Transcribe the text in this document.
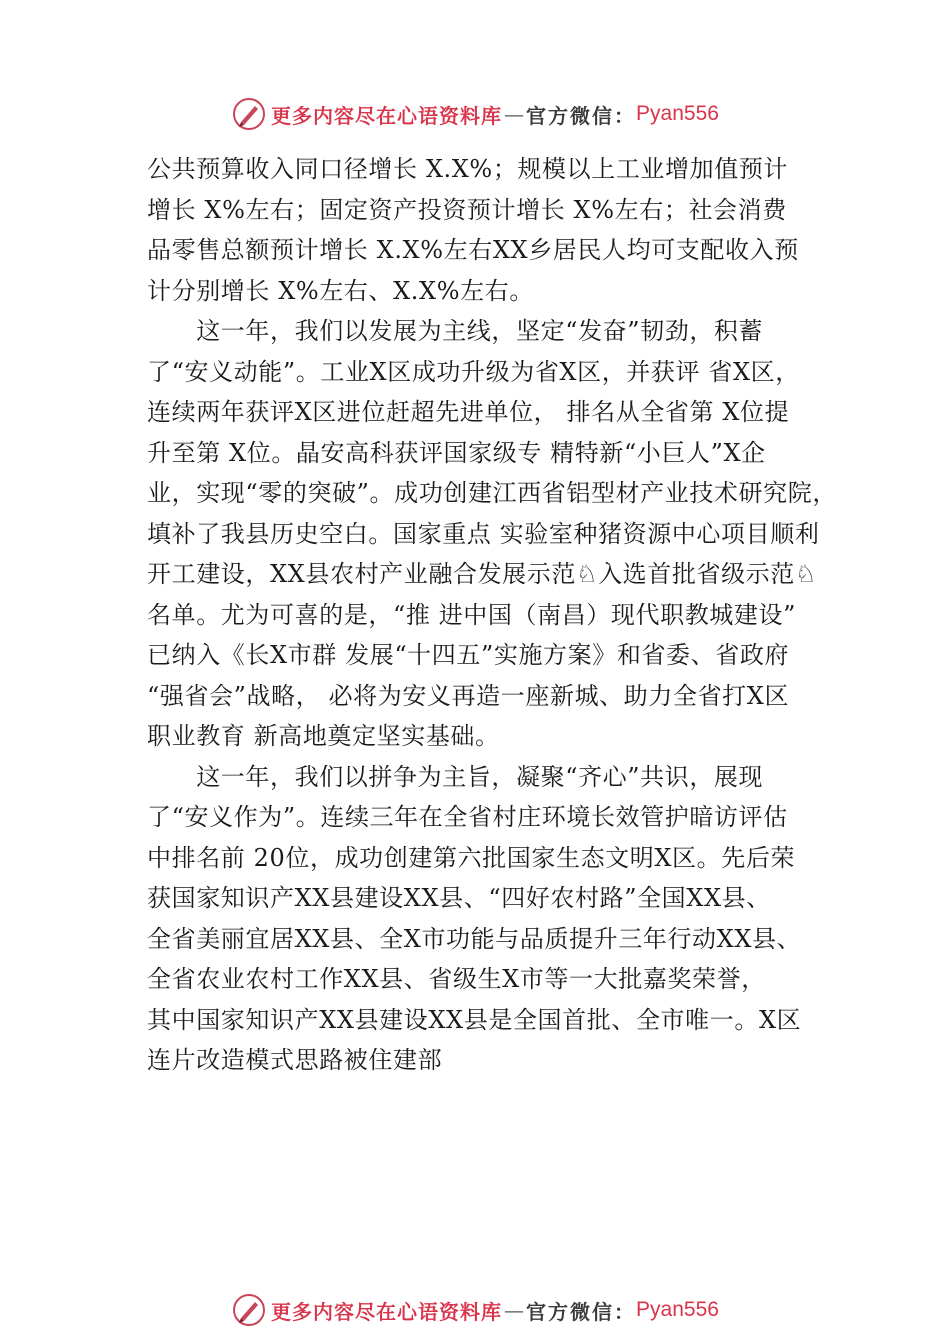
更多内容尽在心语资料库 — 官方微信： Pyan556
公共预算收入同口径增长 X.X%；规模以上工业增加值预计
增长 X%左右；固定资产投资预计增长 X%左右；社会消费
品零售总额预计增长 X.X%左右XX乡居民人均可支配收入预
计分别增长 X%左右、X.X%左右。
　　这一年，我们以发展为主线，坚定“发奋”韧劲，积蓄
了“安义动能”。工业X区成功升级为省X区，并获评 省X区，
连续两年获评X区进位赶超先进单位， 排名从全省第 X位提
升至第 X位。晶安高科获评国家级专 精特新“小巨人”X企
业，实现“零的突破”。成功创建江西省铝型材产业技术研究院，
填补了我县历史空白。国家重点 实验室种猪资源中心项目顺利
开工建设，XX县农村产业融合发展示范♘入选首批省级示范♘
名单。尤为可喜的是，“推 进中国（南昌）现代职教城建设”
已纳入《长X市群 发展“十四五”实施方案》和省委、省政府
“强省会”战略， 必将为安义再造一座新城、助力全省打X区
职业教育 新高地奠定坚实基础。
　　这一年，我们以拼争为主旨，凝聚“齐心”共识，展现
了“安义作为”。连续三年在全省村庄环境长效管护暗访评估
中排名前 20位，成功创建第六批国家生态文明X区。先后荣
获国家知识产XX县建设XX县、“四好农村路”全国XX县、
全省美丽宜居XX县、全X市功能与品质提升三年行动XX县、
全省农业农村工作XX县、省级生X市等一大批嘉奖荣誉，
其中国家知识产XX县建设XX县是全国首批、全市唯一。X区
连片改造模式思路被住建部
更多内容尽在心语资料库 — 官方微信： Pyan556
